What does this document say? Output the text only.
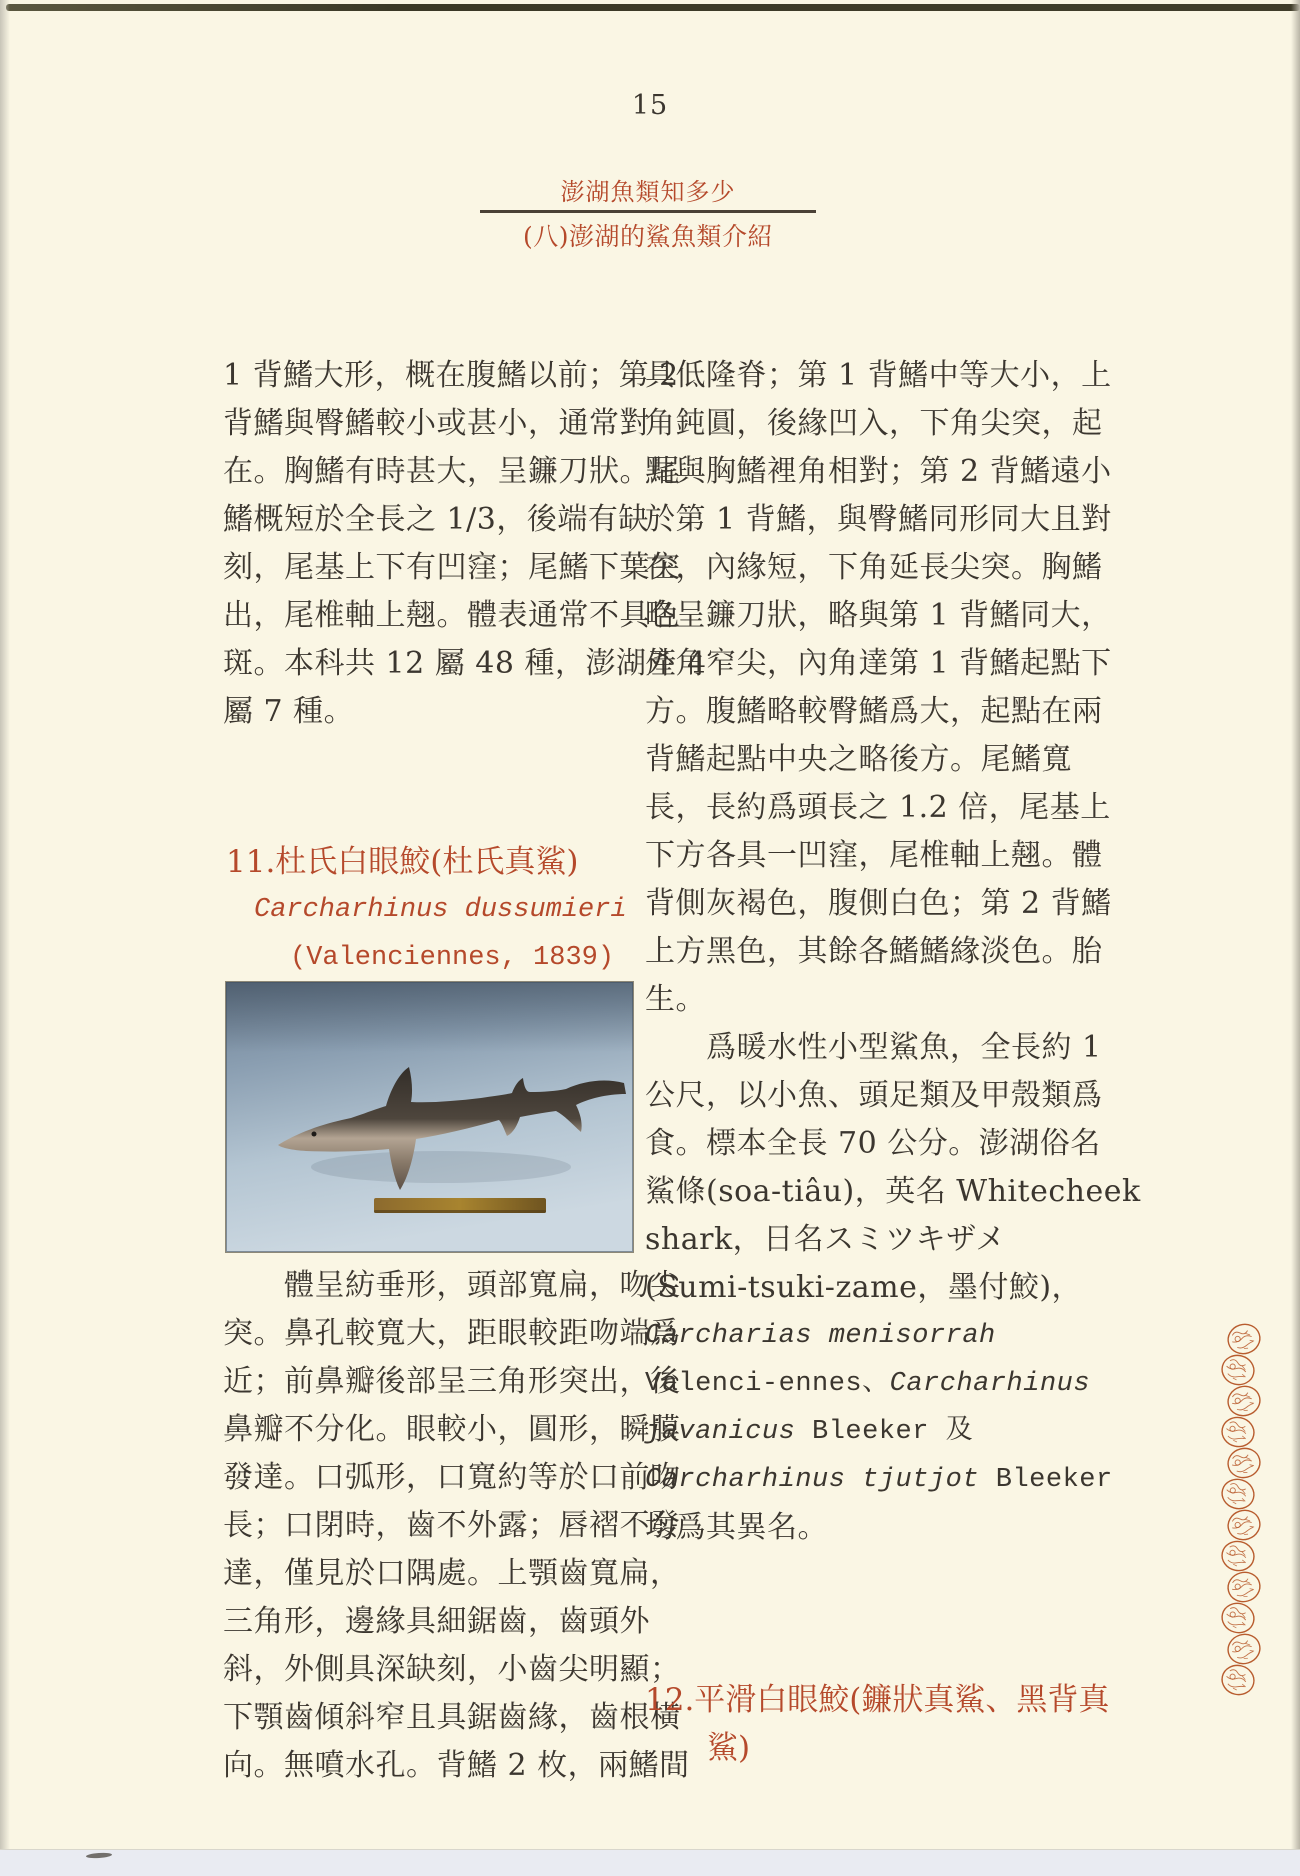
15
澎湖魚類知多少
(八)澎湖的鯊魚類介紹
1 背鰭大形，概在腹鰭以前；第 2
背鰭與臀鰭較小或甚小，通常對
在。胸鰭有時甚大，呈鐮刀狀。尾
鰭概短於全長之 1/3，後端有缺
刻，尾基上下有凹窪；尾鰭下葉突
出，尾椎軸上翹。體表通常不具色
斑。本科共 12 屬 48 種，澎湖產 4
屬 7 種。
11.杜氏白眼鮫(杜氏真鯊)
Carcharhinus dussumieri
(Valenciennes, 1839)
　　體呈紡垂形，頭部寬扁，吻尖
突。鼻孔較寬大，距眼較距吻端爲
近；前鼻瓣後部呈三角形突出，後
鼻瓣不分化。眼較小，圓形，瞬膜
發達。口弧形，口寬約等於口前吻
長；口閉時，齒不外露；唇褶不發
達，僅見於口隅處。上顎齒寬扁，
三角形，邊緣具細鋸齒，齒頭外
斜，外側具深缺刻，小齒尖明顯；
下顎齒傾斜窄且具鋸齒緣，齒根橫
向。無噴水孔。背鰭 2 枚，兩鰭間
具低隆脊；第 1 背鰭中等大小，上
角鈍圓，後緣凹入，下角尖突，起
點與胸鰭裡角相對；第 2 背鰭遠小
於第 1 背鰭，與臀鰭同形同大且對
在，內緣短，下角延長尖突。胸鰭
略呈鐮刀狀，略與第 1 背鰭同大，
外角窄尖，內角達第 1 背鰭起點下
方。腹鰭略較臀鰭爲大，起點在兩
背鰭起點中央之略後方。尾鰭寬
長，長約爲頭長之 1.2 倍，尾基上
下方各具一凹窪，尾椎軸上翹。體
背側灰褐色，腹側白色；第 2 背鰭
上方黑色，其餘各鰭鰭緣淡色。胎
生。
　　爲暖水性小型鯊魚，全長約 1
公尺，以小魚、頭足類及甲殼類爲
食。標本全長 70 公分。澎湖俗名
鯊條(soa-tiâu)，英名 Whitecheek
shark，日名スミツキザメ
(Sumi-tsuki-zame，墨付鮫)，
Carcharias menisorrah
Valenci-ennes、Carcharhinus
javanicus Bleeker 及
Carcharhinus tjutjot Bleeker
均爲其異名。
12.平滑白眼鮫(鐮狀真鯊、黑背真
鯊)
